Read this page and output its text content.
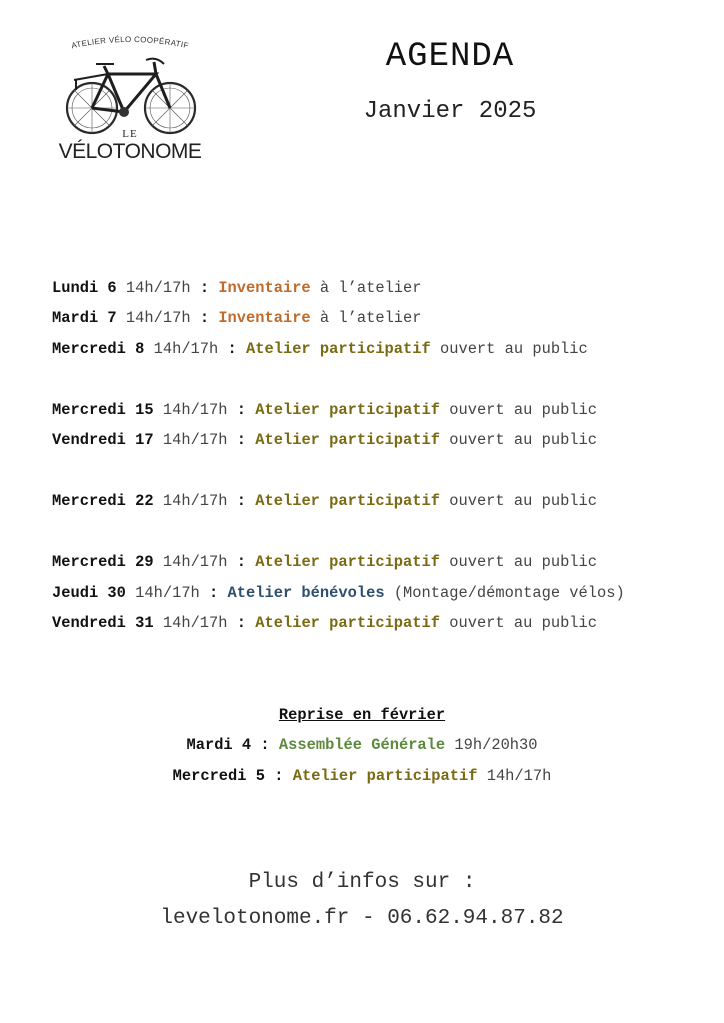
ATELIER VÉLO COOPÉRATIF
LE
VÉLOTONOME
AGENDA
Janvier 2025
Lundi 6 14h/17h : Inventaire à l’atelier
Mardi 7 14h/17h : Inventaire à l’atelier
Mercredi 8 14h/17h : Atelier participatif ouvert au public
Mercredi 15 14h/17h : Atelier participatif ouvert au public
Vendredi 17 14h/17h : Atelier participatif ouvert au public
Mercredi 22 14h/17h : Atelier participatif ouvert au public
Mercredi 29 14h/17h : Atelier participatif ouvert au public
Jeudi 30 14h/17h : Atelier bénévoles (Montage/démontage vélos)
Vendredi 31 14h/17h : Atelier participatif ouvert au public
Reprise en février
Mardi 4 : Assemblée Générale 19h/20h30
Mercredi 5 : Atelier participatif 14h/17h
Plus d’infos sur :
levelotonome.fr - 06.62.94.87.82
